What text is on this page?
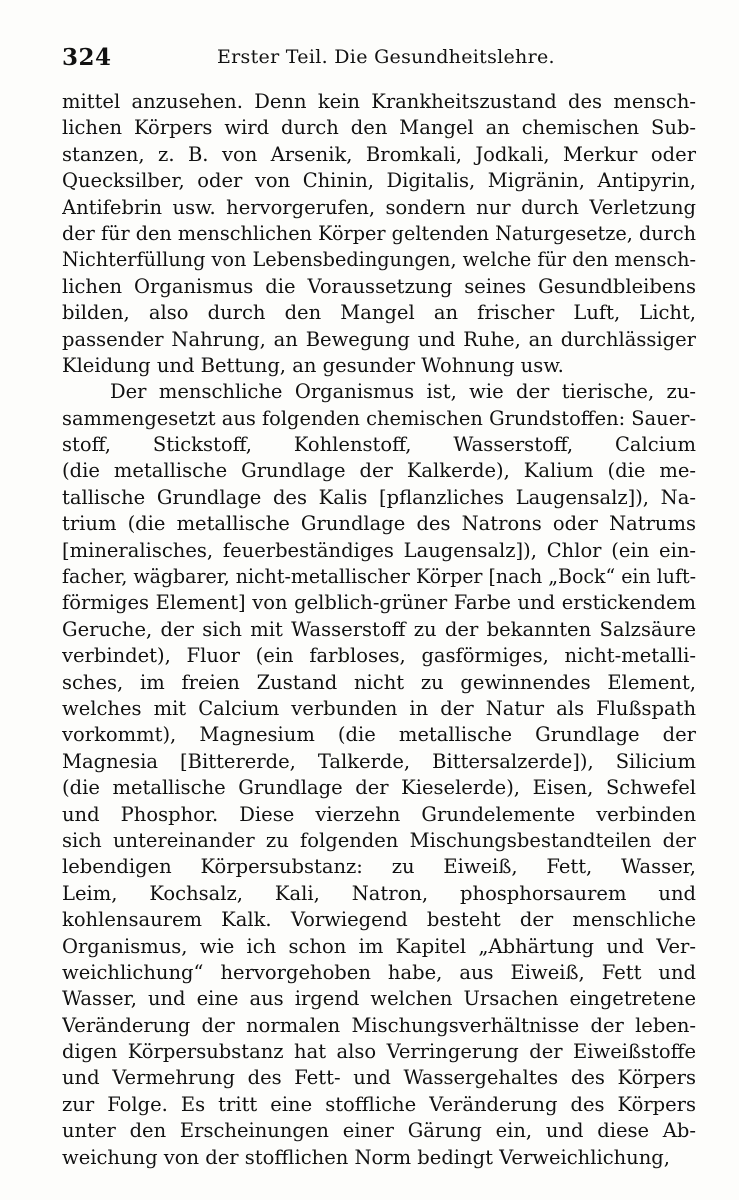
324	Erster Teil. Die Gesundheitslehre.
mittel anzusehen. Denn kein Krankheitszustand des mensch-
lichen Körpers wird durch den Mangel an chemischen Sub-
stanzen, z. B. von Arsenik, Bromkali, Jodkali, Merkur oder
Quecksilber, oder von Chinin, Digitalis, Migränin, Antipyrin,
Antifebrin usw. hervorgerufen, sondern nur durch Verletzung
der für den menschlichen Körper geltenden Naturgesetze, durch
Nichterfüllung von Lebensbedingungen, welche für den mensch-
lichen Organismus die Voraussetzung seines Gesundbleibens
bilden, also durch den Mangel an frischer Luft, Licht,
passender Nahrung, an Bewegung und Ruhe, an durchlässiger
Kleidung und Bettung, an gesunder Wohnung usw.
Der menschliche Organismus ist, wie der tierische, zu-
sammengesetzt aus folgenden chemischen Grundstoffen: Sauer-
stoff, Stickstoff, Kohlenstoff, Wasserstoff, Calcium
(die metallische Grundlage der Kalkerde), Kalium (die me-
tallische Grundlage des Kalis [pflanzliches Laugensalz]), Na-
trium (die metallische Grundlage des Natrons oder Natrums
[mineralisches, feuerbeständiges Laugensalz]), Chlor (ein ein-
facher, wägbarer, nicht-metallischer Körper [nach „Bock“ ein luft-
förmiges Element] von gelblich-grüner Farbe und erstickendem
Geruche, der sich mit Wasserstoff zu der bekannten Salzsäure
verbindet), Fluor (ein farbloses, gasförmiges, nicht-metalli-
sches, im freien Zustand nicht zu gewinnendes Element,
welches mit Calcium verbunden in der Natur als Flußspath
vorkommt), Magnesium (die metallische Grundlage der
Magnesia [Bittererde, Talkerde, Bittersalzerde]), Silicium
(die metallische Grundlage der Kieselerde), Eisen, Schwefel
und Phosphor. Diese vierzehn Grundelemente verbinden
sich untereinander zu folgenden Mischungsbestandteilen der
lebendigen Körpersubstanz: zu Eiweiß, Fett, Wasser,
Leim, Kochsalz, Kali, Natron, phosphorsaurem und
kohlensaurem Kalk. Vorwiegend besteht der menschliche
Organismus, wie ich schon im Kapitel „Abhärtung und Ver-
weichlichung“ hervorgehoben habe, aus Eiweiß, Fett und
Wasser, und eine aus irgend welchen Ursachen eingetretene
Veränderung der normalen Mischungsverhältnisse der leben-
digen Körpersubstanz hat also Verringerung der Eiweißstoffe
und Vermehrung des Fett- und Wassergehaltes des Körpers
zur Folge. Es tritt eine stoffliche Veränderung des Körpers
unter den Erscheinungen einer Gärung ein, und diese Ab-
weichung von der stofflichen Norm bedingt Verweichlichung,
